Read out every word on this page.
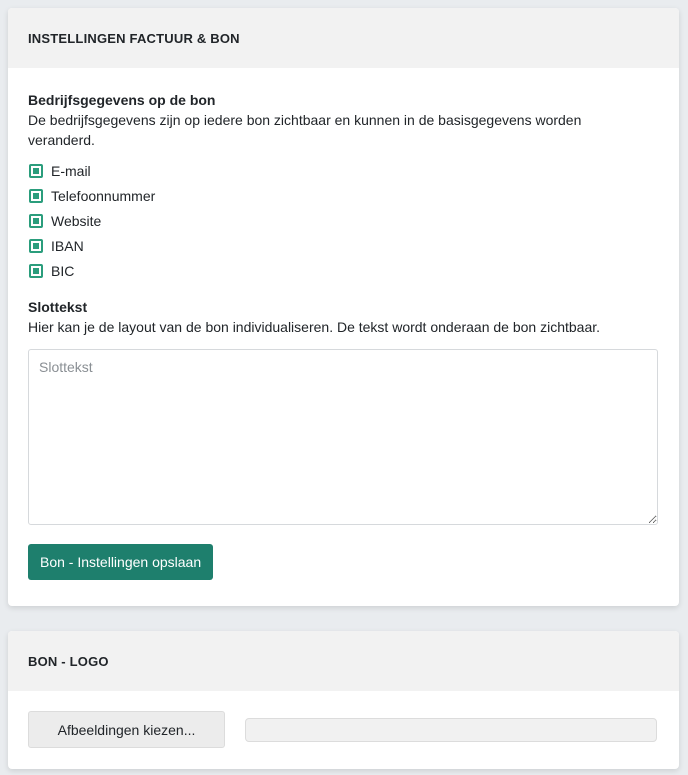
INSTELLINGEN FACTUUR & BON
Bedrijfsgegevens op de bon
De bedrijfsgegevens zijn op iedere bon zichtbaar en kunnen in de basisgegevens worden veranderd.
E-mail
Telefoonnummer
Website
IBAN
BIC
Slottekst
Hier kan je de layout van de bon individualiseren. De tekst wordt onderaan de bon zichtbaar.
Slottekst Bon - Instellingen opslaan
BON - LOGO
Afbeeldingen kiezen...
